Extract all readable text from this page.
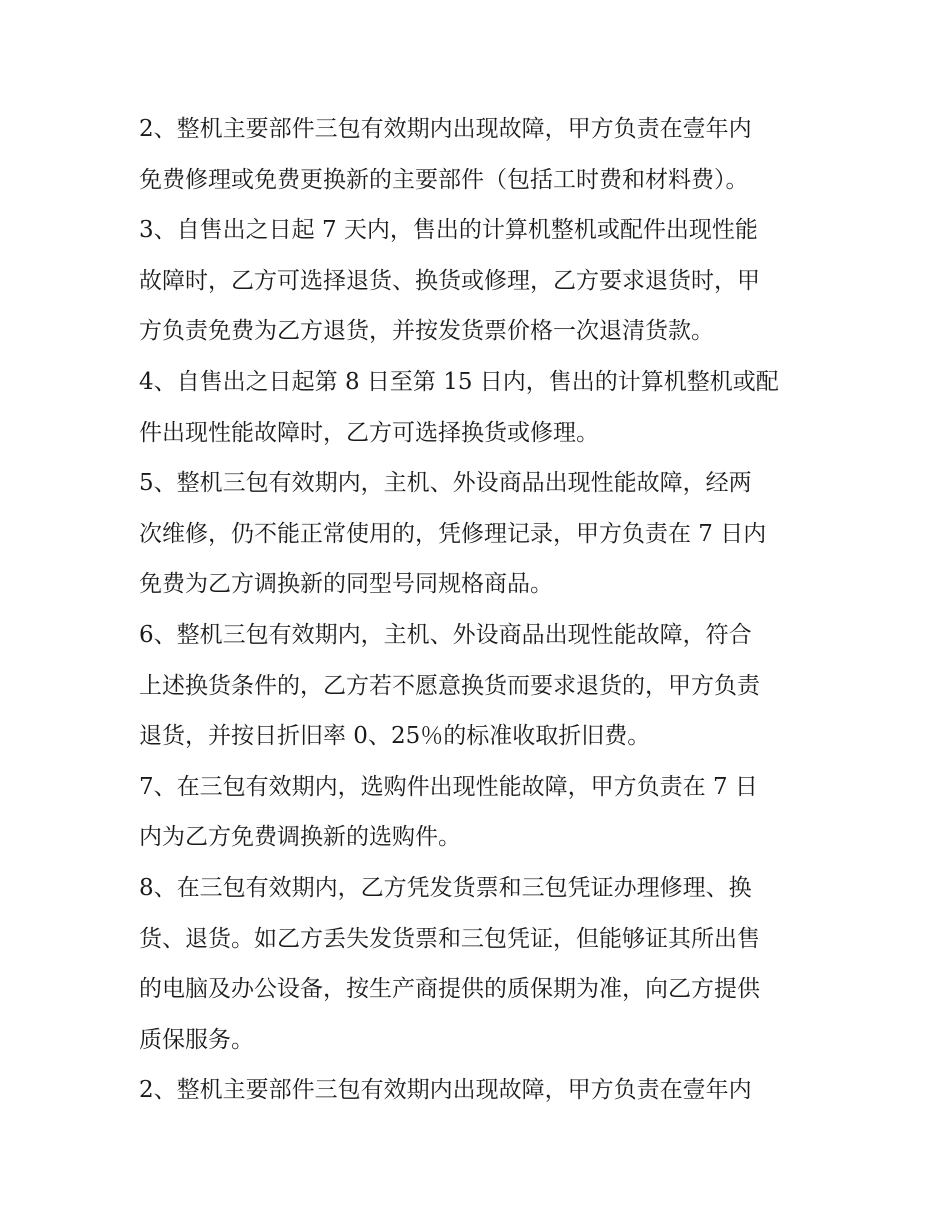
2、整机主要部件三包有效期内出现故障，甲方负责在壹年内
免费修理或免费更换新的主要部件（包括工时费和材料费）。
3、自售出之日起 7 天内，售出的计算机整机或配件出现性能
故障时，乙方可选择退货、换货或修理，乙方要求退货时，甲
方负责免费为乙方退货，并按发货票价格一次退清货款。
4、自售出之日起第 8 日至第 15 日内，售出的计算机整机或配
件出现性能故障时，乙方可选择换货或修理。
5、整机三包有效期内，主机、外设商品出现性能故障，经两
次维修，仍不能正常使用的，凭修理记录，甲方负责在 7 日内
免费为乙方调换新的同型号同规格商品。
6、整机三包有效期内，主机、外设商品出现性能故障，符合
上述换货条件的，乙方若不愿意换货而要求退货的，甲方负责
退货，并按日折旧率 0、25％的标准收取折旧费。
7、在三包有效期内，选购件出现性能故障，甲方负责在 7 日
内为乙方免费调换新的选购件。
8、在三包有效期内，乙方凭发货票和三包凭证办理修理、换
货、退货。如乙方丢失发货票和三包凭证，但能够证其所出售
的电脑及办公设备，按生产商提供的质保期为准，向乙方提供
质保服务。
2、整机主要部件三包有效期内出现故障，甲方负责在壹年内
